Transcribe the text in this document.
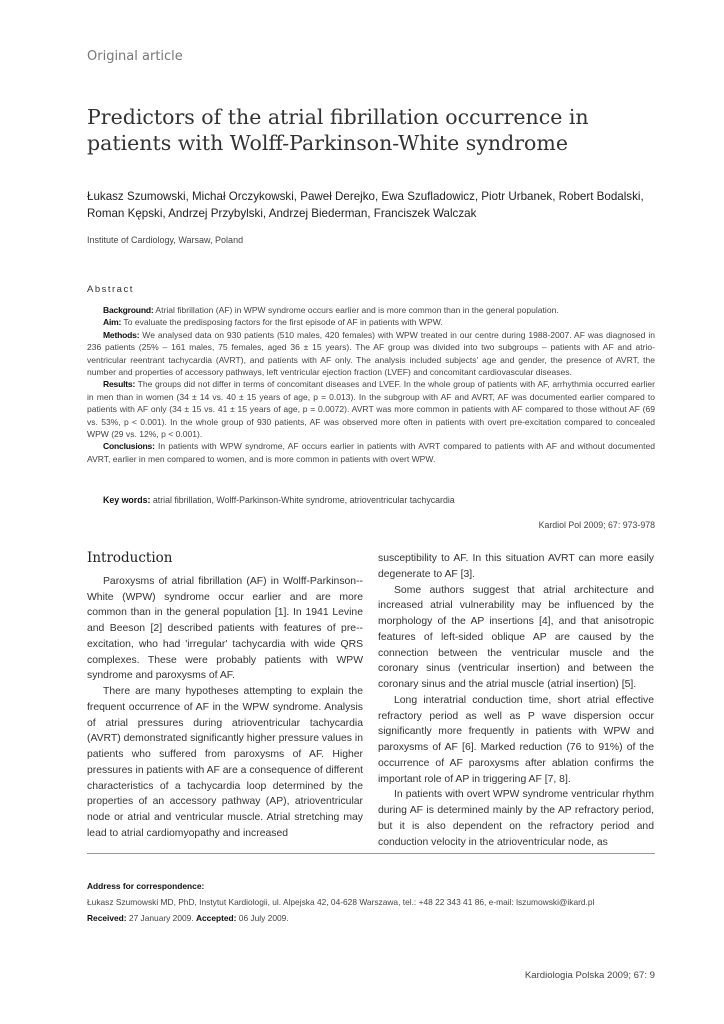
Original article
Predictors of the atrial fibrillation occurrence in patients with Wolff-Parkinson-White syndrome
Łukasz Szumowski, Michał Orczykowski, Paweł Derejko, Ewa Szufladowicz, Piotr Urbanek, Robert Bodalski, Roman Kępski, Andrzej Przybylski, Andrzej Biederman, Franciszek Walczak
Institute of Cardiology, Warsaw, Poland
Abstract

Background: Atrial fibrillation (AF) in WPW syndrome occurs earlier and is more common than in the general population.

Aim: To evaluate the predisposing factors for the first episode of AF in patients with WPW.

Methods: We analysed data on 930 patients (510 males, 420 females) with WPW treated in our centre during 1988-2007. AF was diagnosed in 236 patients (25% – 161 males, 75 females, aged 36 ± 15 years). The AF group was divided into two subgroups – patients with AF and atrio-ventricular reentrant tachycardia (AVRT), and patients with AF only. The analysis included subjects' age and gender, the presence of AVRT, the number and properties of accessory pathways, left ventricular ejection fraction (LVEF) and concomitant cardiovascular diseases.

Results: The groups did not differ in terms of concomitant diseases and LVEF. In the whole group of patients with AF, arrhythmia occurred earlier in men than in women (34 ± 14 vs. 40 ± 15 years of age, p = 0.013). In the subgroup with AF and AVRT, AF was documented earlier compared to patients with AF only (34 ± 15 vs. 41 ± 15 years of age, p = 0.0072). AVRT was more common in patients with AF compared to those without AF (69 vs. 53%, p < 0.001). In the whole group of 930 patients, AF was observed more often in patients with overt pre-excitation compared to concealed WPW (29 vs. 12%, p < 0.001).

Conclusions: In patients with WPW syndrome, AF occurs earlier in patients with AVRT compared to patients with AF and without documented AVRT, earlier in men compared to women, and is more common in patients with overt WPW.

Key words: atrial fibrillation, Wolff-Parkinson-White syndrome, atrioventricular tachycardia
Kardiol Pol 2009; 67: 973-978
Introduction

Paroxysms of atrial fibrillation (AF) in Wolff-Parkinson--White (WPW) syndrome occur earlier and are more common than in the general population [1]. In 1941 Levine and Beeson [2] described patients with features of pre--excitation, who had 'irregular' tachycardia with wide QRS complexes. These were probably patients with WPW syndrome and paroxysms of AF.

There are many hypotheses attempting to explain the frequent occurrence of AF in the WPW syndrome. Analysis of atrial pressures during atrioventricular tachycardia (AVRT) demonstrated significantly higher pressure values in patients who suffered from paroxysms of AF. Higher pressures in patients with AF are a consequence of different characteristics of a tachycardia loop determined by the properties of an accessory pathway (AP), atrioventricular node or atrial and ventricular muscle. Atrial stretching may lead to atrial cardiomyopathy and increased

susceptibility to AF. In this situation AVRT can more easily degenerate to AF [3].

Some authors suggest that atrial architecture and increased atrial vulnerability may be influenced by the morphology of the AP insertions [4], and that anisotropic features of left-sided oblique AP are caused by the connection between the ventricular muscle and the coronary sinus (ventricular insertion) and between the coronary sinus and the atrial muscle (atrial insertion) [5].

Long interatrial conduction time, short atrial effective refractory period as well as P wave dispersion occur significantly more frequently in patients with WPW and paroxysms of AF [6]. Marked reduction (76 to 91%) of the occurrence of AF paroxysms after ablation confirms the important role of AP in triggering AF [7, 8].

In patients with overt WPW syndrome ventricular rhythm during AF is determined mainly by the AP refractory period, but it is also dependent on the refractory period and conduction velocity in the atrioventricular node, as

Address for correspondence:
Łukasz Szumowski MD, PhD, Instytut Kardiologii, ul. Alpejska 42, 04-628 Warszawa, tel.: +48 22 343 41 86, e-mail: lszumowski@ikard.pl
Received: 27 January 2009. Accepted: 06 July 2009.
Kardiologia Polska 2009; 67: 9
